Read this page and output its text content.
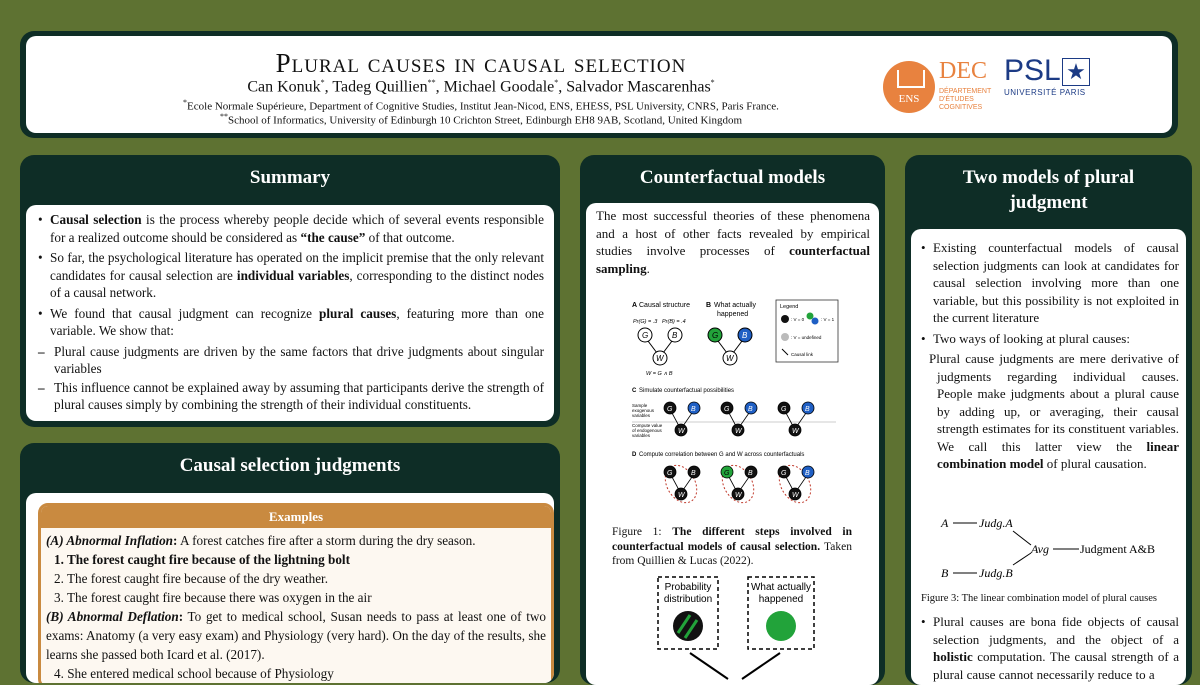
Plural causes in causal selection
Can Konuk*, Tadeg Quillien**, Michael Goodale*, Salvador Mascarenhas*
*Ecole Normale Supérieure, Department of Cognitive Studies, Institut Jean-Nicod, ENS, EHESS, PSL University, CNRS, Paris France.
**School of Informatics, University of Edinburgh 10 Crichton Street, Edinburgh EH8 9AB, Scotland, United Kingdom
ENS
DEC
DÉPARTEMENT
D'ÉTUDES
COGNITIVES
PSL ★
UNIVERSITÉ PARIS
Summary
• Causal selection is the process whereby people decide which of several events responsible for a realized outcome should be considered as “the cause” of that outcome.
• So far, the psychological literature has operated on the implicit premise that the only relevant candidates for causal selection are individual variables, corresponding to the distinct nodes of a causal network.
• We found that causal judgment can recognize plural causes, featuring more than one variable. We show that:
– Plural cause judgments are driven by the same factors that drive judgments about singular variables
– This influence cannot be explained away by assuming that participants derive the strength of plural causes simply by combining the strength of their individual constituents.
Causal selection judgments
Examples
(A) Abnormal Inflation: A forest catches fire after a storm during the dry season.
1. The forest caught fire because of the lightning bolt
2. The forest caught fire because of the dry weather.
3. The forest caught fire because there was oxygen in the air
(B) Abnormal Deflation: To get to medical school, Susan needs to pass at least one of two exams: Anatomy (a very easy exam) and Physiology (very hard). On the day of the results, she learns she passed both Icard et al. (2017).
4. She entered medical school because of Physiology
Counterfactual models
The most successful theories of these phenomena and a host of other facts revealed by empirical studies involve processes of counterfactual sampling.
A Causal structure
Pr(G) = .3 Pr(B) = .4
G	B
W
W = G ∧ B
B What actually
happened
G	B
W
Legend
: V = 0	: V = 1
: V = undefined
Causal link
C Simulate counterfactual possibilities
Sample
exogenous
variables
Compute value
of endogenous
variables
G	B
W
G	B
W
G	B
W
D Compute correlation between G and W across counterfactuals
G	B
W
G	B
W
G	B
W
Figure 1: The different steps involved in counterfactual models of causal selection. Taken from Quillien & Lucas (2022).
Probability
distribution
What actually
happened
Two models of plural
judgment
• Existing counterfactual models of causal selection judgments can look at candidates for causal selection involving more than one variable, but this possibility is not exploited in the current literature
• Two ways of looking at plural causes:
Plural cause judgments are mere derivative of judgments regarding individual causes. People make judgments about a plural cause by adding up, or averaging, their causal strength estimates for its constituent variables. We call this latter view the linear combination model of plural causation.
A	Judg.A
B	Judg.B
Avg	Judgment A&B
Figure 3: The linear combination model of plural causes
• Plural causes are bona fide objects of causal selection judgments, and the object of a holistic computation. The causal strength of a plural cause cannot necessarily reduce to a
